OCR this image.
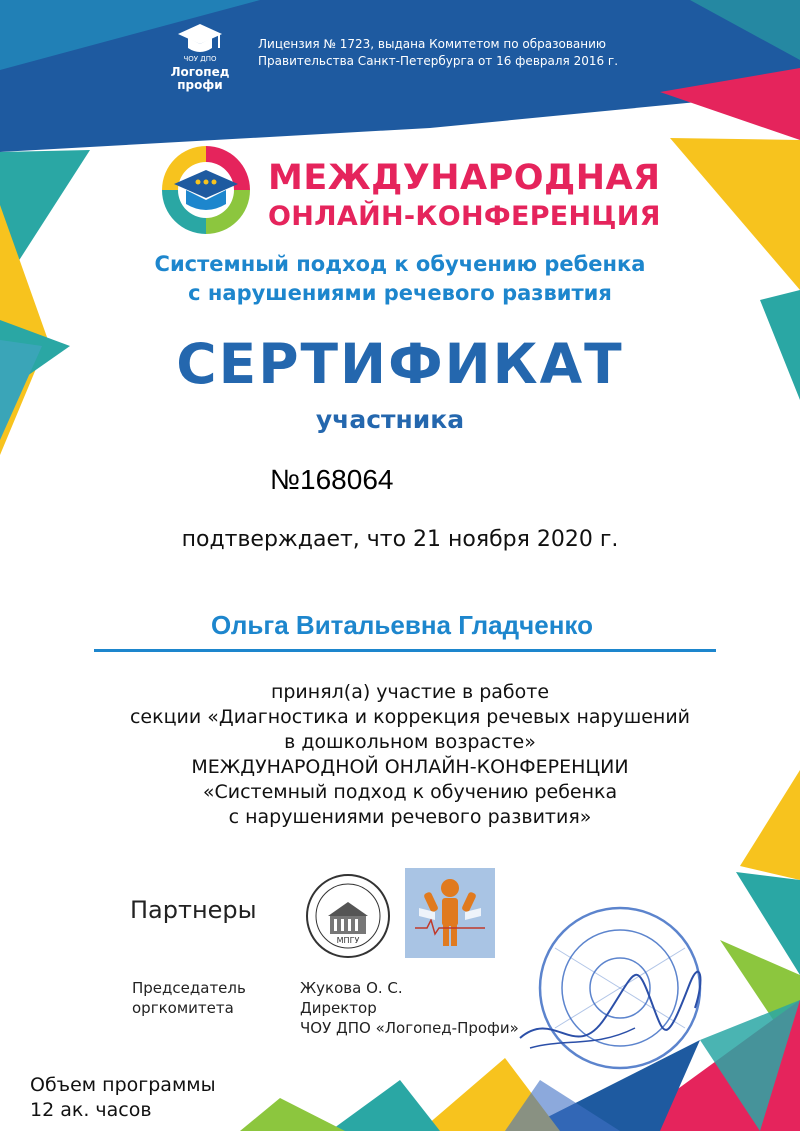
ЧОУ ДПО
Логопед
профи
Лицензия № 1723, выдана Комитетом по образованию
Правительства Санкт-Петербурга от 16 февраля 2016 г.
МЕЖДУНАРОДНАЯ
ОНЛАЙН-КОНФЕРЕНЦИЯ
Системный подход к обучению ребенка
с нарушениями речевого развития
СЕРТИФИКАТ
участника
№168064
подтверждает, что 21 ноября 2020 г.
Ольга Витальевна Гладченко
принял(а) участие в работе
секции «Диагностика и коррекция речевых нарушений
в дошкольном возрасте»
МЕЖДУНАРОДНОЙ ОНЛАЙН-КОНФЕРЕНЦИИ
«Системный подход к обучению ребенка
с нарушениями речевого развития»
Партнеры
МПГУ
Председатель
оргкомитета
Жукова О. С.
Директор
ЧОУ ДПО «Логопед-Профи»
Объем программы
12 ак. часов
